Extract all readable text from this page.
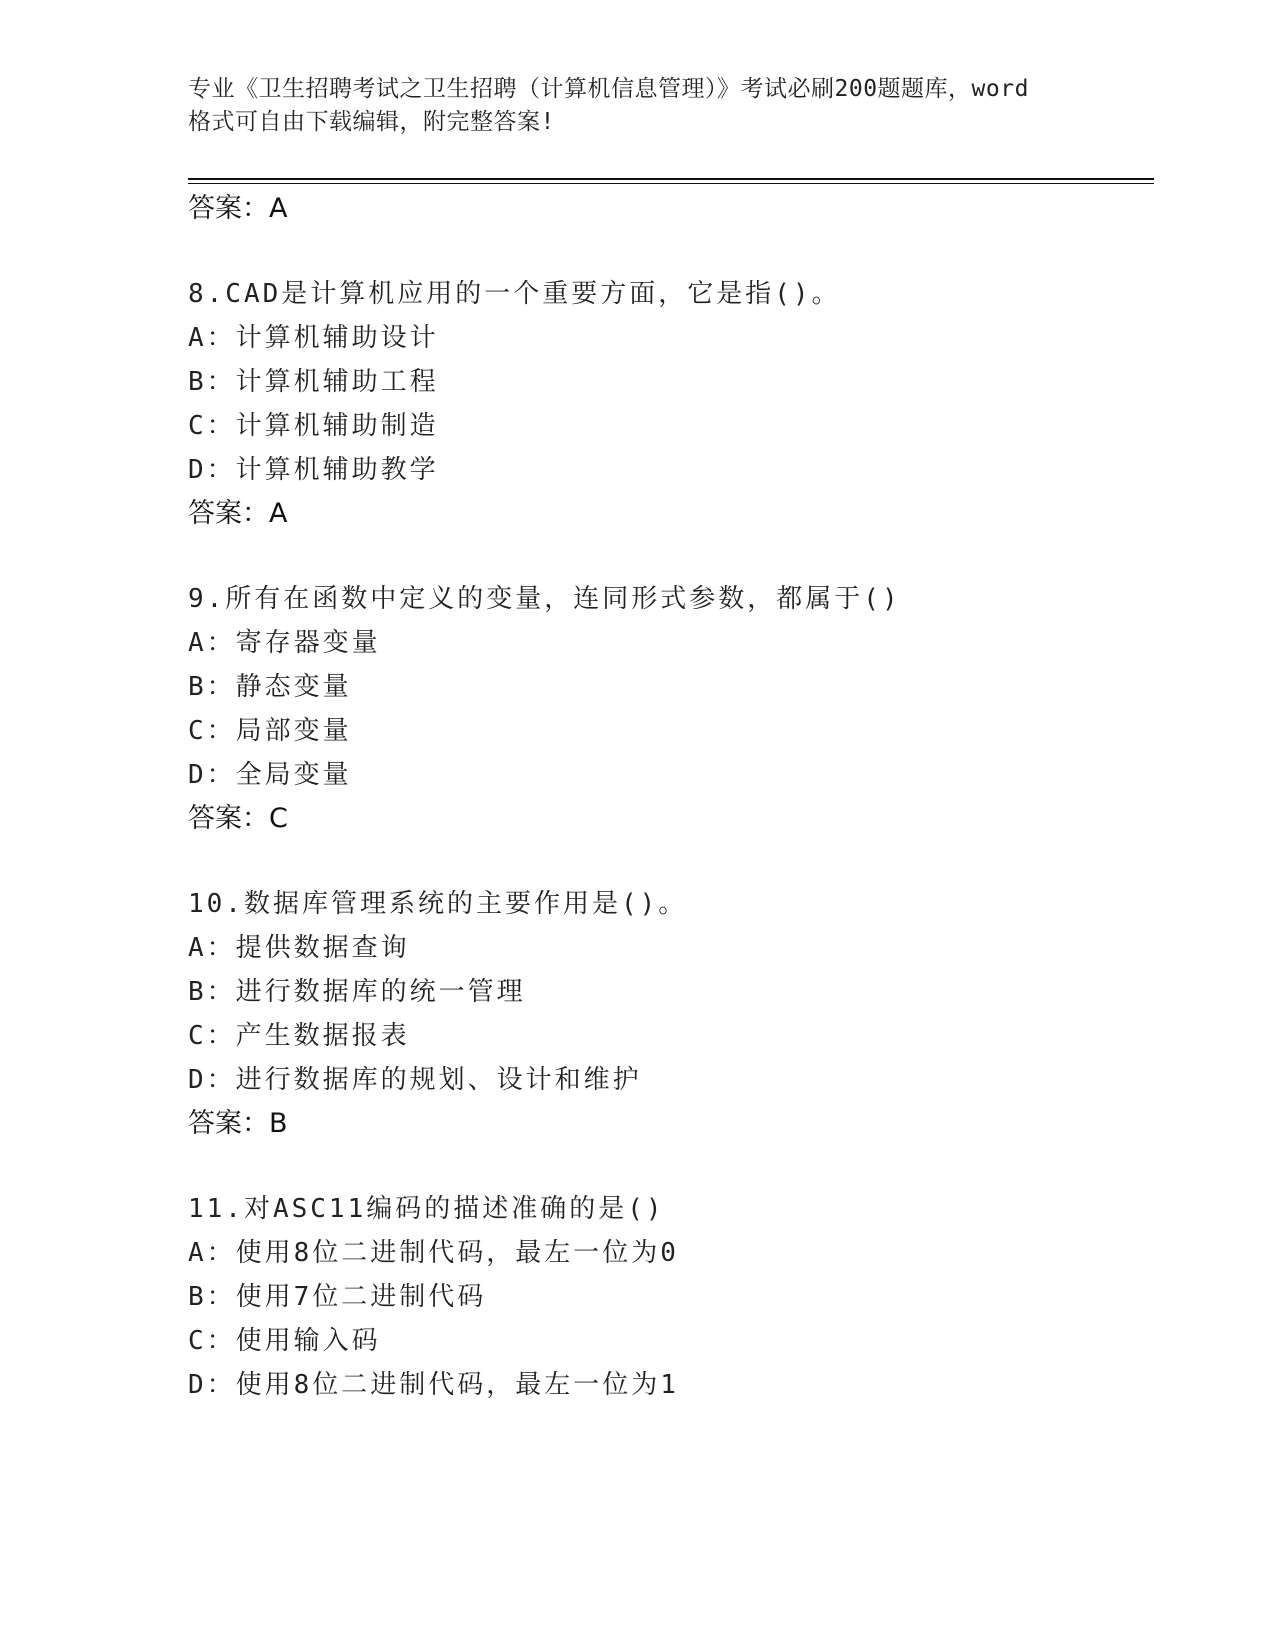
专业《卫生招聘考试之卫生招聘（计算机信息管理）》考试必刷200题题库，word
格式可自由下载编辑，附完整答案!
答案：A
8.CAD是计算机应用的一个重要方面，它是指()。
A：计算机辅助设计
B：计算机辅助工程
C：计算机辅助制造
D：计算机辅助教学
答案：A
9.所有在函数中定义的变量，连同形式参数，都属于()
A：寄存器变量
B：静态变量
C：局部变量
D：全局变量
答案：C
10.数据库管理系统的主要作用是()。
A：提供数据查询
B：进行数据库的统一管理
C：产生数据报表
D：进行数据库的规划、设计和维护
答案：B
11.对ASC11编码的描述准确的是()
A：使用8位二进制代码，最左一位为0
B：使用7位二进制代码
C：使用输入码
D：使用8位二进制代码，最左一位为1
